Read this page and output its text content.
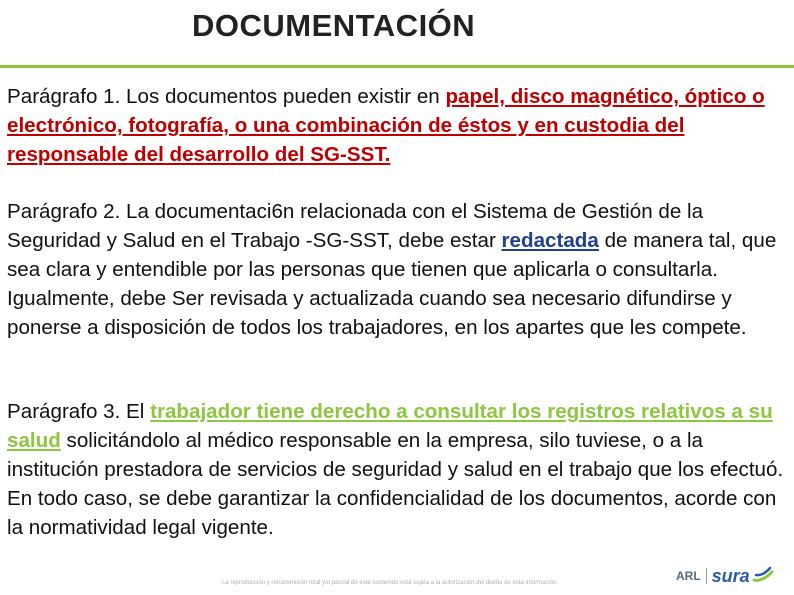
DOCUMENTACIÓN

Parágrafo 1. Los documentos pueden existir en papel, disco magnético, óptico o electrónico, fotografía, o una combinación de éstos y en custodia del responsable del desarrollo del SG-SST.

Parágrafo 2. La documentaci6n relacionada con el Sistema de Gestión de la Seguridad y Salud en el Trabajo -SG-SST, debe estar redactada de manera tal, que sea clara y entendible por las personas que tienen que aplicarla o consultarla. Igualmente, debe Ser revisada y actualizada cuando sea necesario difundirse y ponerse a disposición de todos los trabajadores, en los apartes que les compete.

Parágrafo 3. El trabajador tiene derecho a consultar los registros relativos a su salud solicitándolo al médico responsable en la empresa, silo tuviese, o a la institución prestadora de servicios de seguridad y salud en el trabajo que los efectuó. En todo caso, se debe garantizar la confidencialidad de los documentos, acorde con la normatividad legal vigente.

La reproducción y retransmisión total y/o parcial de este contenido está sujeta a la autorización del dueño de esta información.	ARL sura
